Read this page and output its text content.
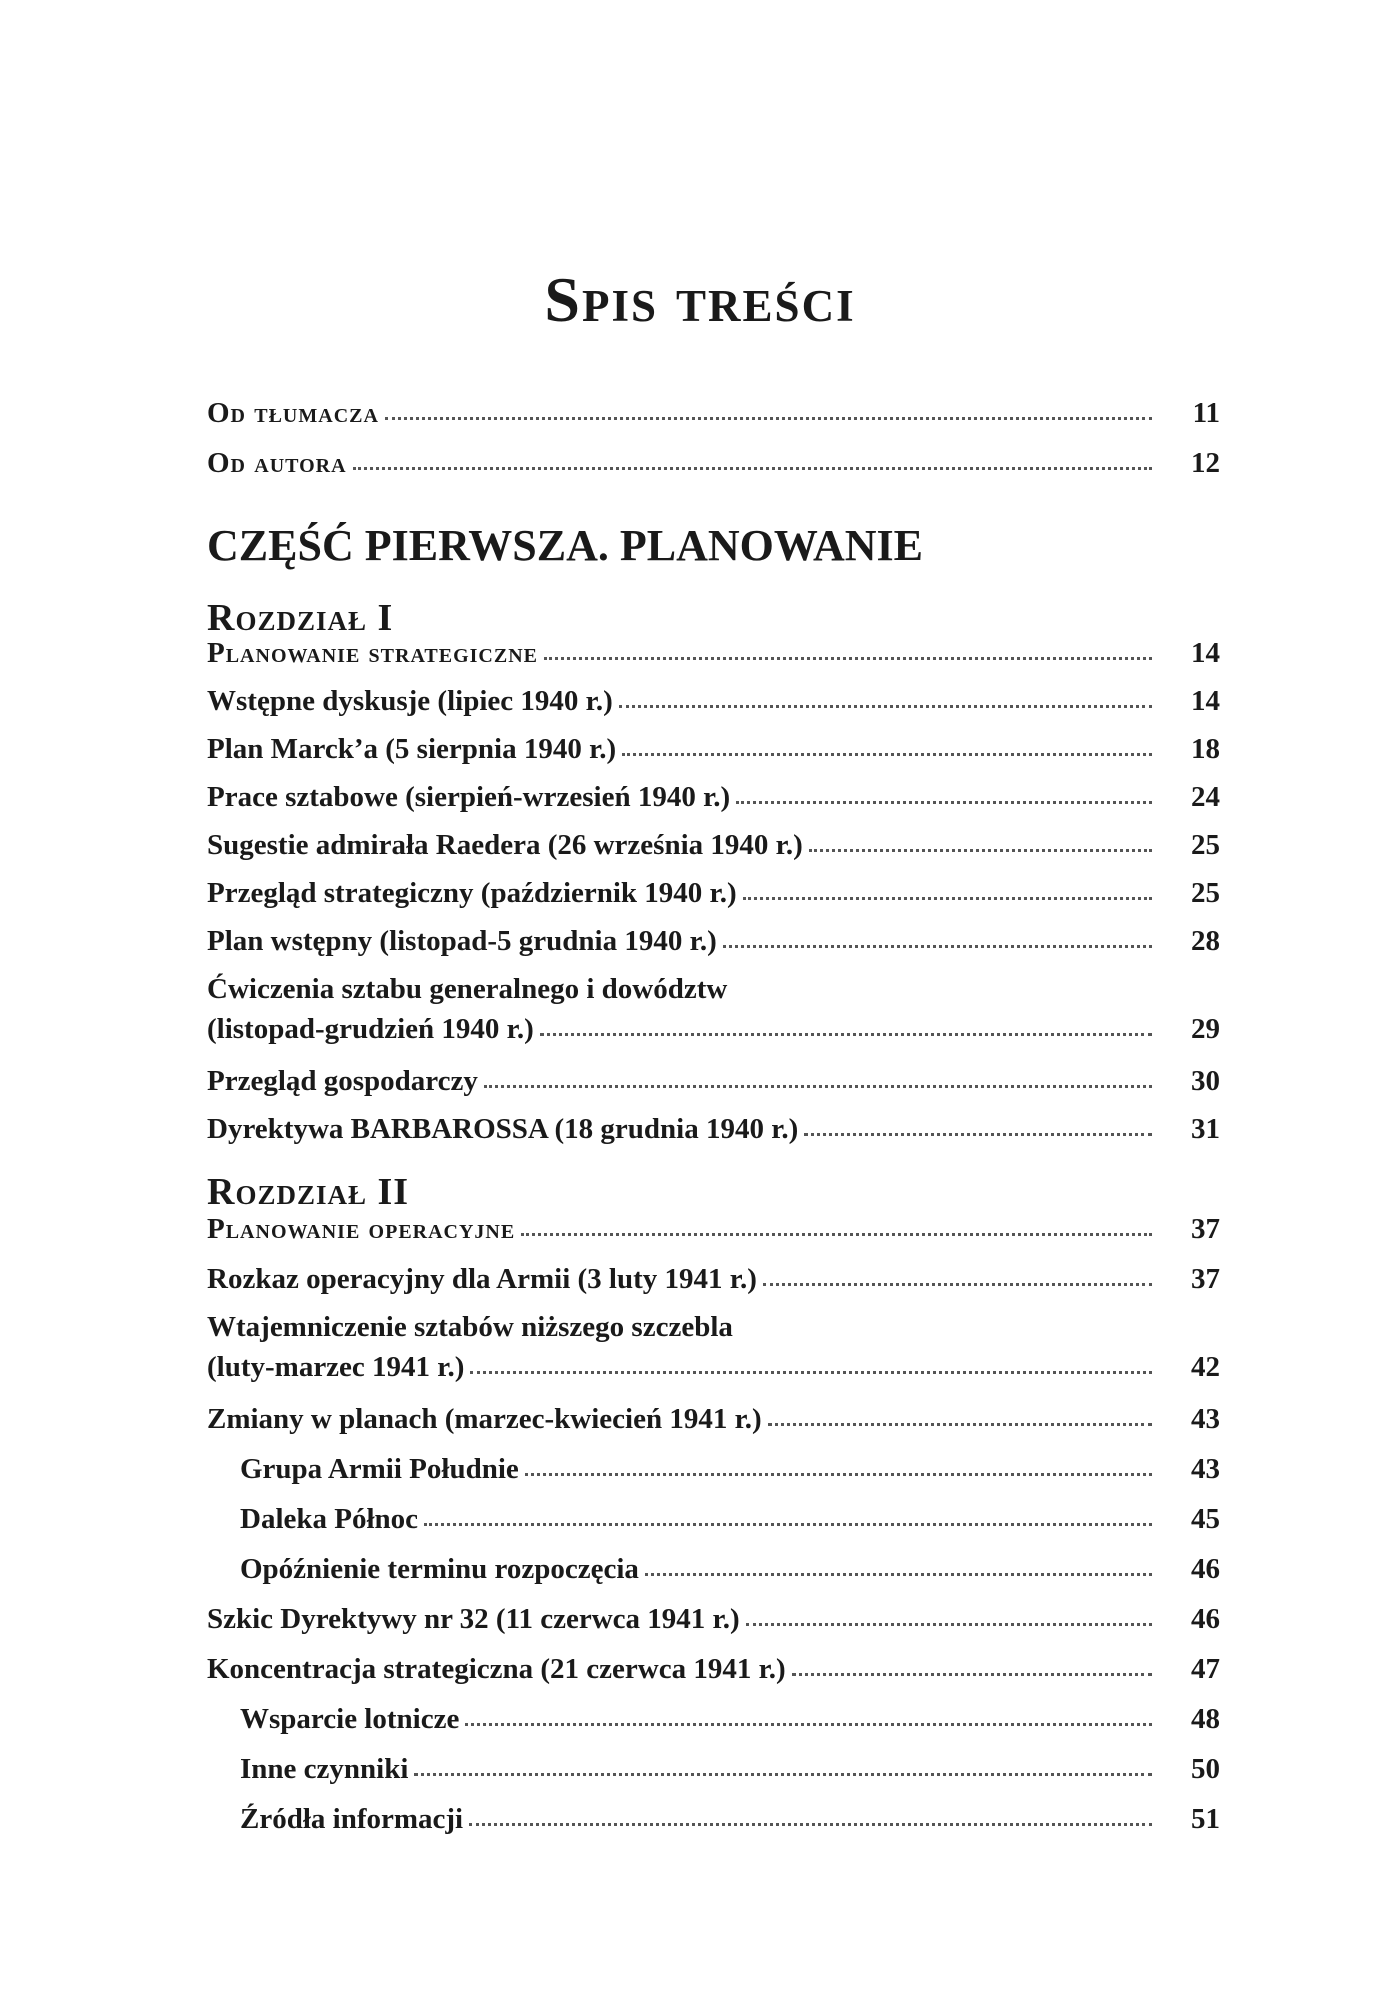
Spis treści
Od tłumacza	11
Od autora	12
CZĘŚĆ PIERWSZA. PLANOWANIE
Rozdział I
Planowanie strategiczne	14
Wstępne dyskusje (lipiec 1940 r.)	14
Plan Marck’a (5 sierpnia 1940 r.)	18
Prace sztabowe (sierpień-wrzesień 1940 r.)	24
Sugestie admirała Raedera (26 września 1940 r.)	25
Przegląd strategiczny (październik 1940 r.)	25
Plan wstępny (listopad-5 grudnia 1940 r.)	28
Ćwiczenia sztabu generalnego i dowództw
(listopad-grudzień 1940 r.)	29
Przegląd gospodarczy	30
Dyrektywa BARBAROSSA (18 grudnia 1940 r.)	31
Rozdział II
Planowanie operacyjne	37
Rozkaz operacyjny dla Armii (3 luty 1941 r.)	37
Wtajemniczenie sztabów niższego szczebla
(luty-marzec 1941 r.)	42
Zmiany w planach (marzec-kwiecień 1941 r.)	43
Grupa Armii Południe	43
Daleka Północ	45
Opóźnienie terminu rozpoczęcia	46
Szkic Dyrektywy nr 32 (11 czerwca 1941 r.)	46
Koncentracja strategiczna (21 czerwca 1941 r.)	47
Wsparcie lotnicze	48
Inne czynniki	50
Źródła informacji	51
